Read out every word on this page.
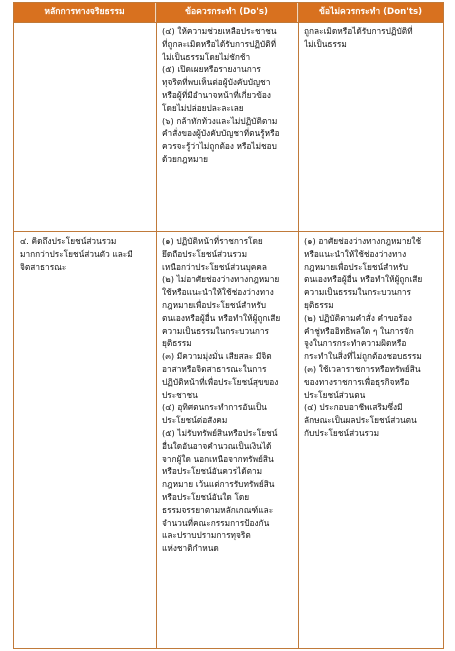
หลักการทางจริยธรรม	ข้อควรกระทำ (Do's)	ข้อไม่ควรกระทำ (Don'ts)
(๔) ให้ความช่วยเหลือประชาชน
ที่ถูกละเมิดหรือได้รับการปฏิบัติที่
ไม่เป็นธรรมโดยไม่ชักช้า
(๕) เปิดเผยหรือรายงานการ
ทุจริตที่พบเห็นต่อผู้บังคับบัญชา
หรือผู้ที่มีอำนาจหน้าที่เกี่ยวข้อง
โดยไม่ปล่อยปละละเลย
(๖) กล้าทักท้วงและไม่ปฏิบัติตาม
คำสั่งของผู้บังคับบัญชาที่ตนรู้หรือ
ควรจะรู้ว่าไม่ถูกต้อง หรือไม่ชอบ
ด้วยกฎหมาย
ถูกละเมิดหรือได้รับการปฏิบัติที่
ไม่เป็นธรรม
๔. คิดถึงประโยชน์ส่วนรวม
มากกว่าประโยชน์ส่วนตัว และมี
จิตสาธารณะ
(๑) ปฏิบัติหน้าที่ราชการโดย
ยึดถือประโยชน์ส่วนรวม
เหนือกว่าประโยชน์ส่วนบุคคล
(๒) ไม่อาศัยช่องว่างทางกฎหมาย
ใช้หรือแนะนำให้ใช้ช่องว่างทาง
กฎหมายเพื่อประโยชน์สำหรับ
ตนเองหรือผู้อื่น หรือทำให้ผู้ถูกเสีย
ความเป็นธรรมในกระบวนการ
ยุติธรรม
(๓) มีความมุ่งมั่น เสียสละ มีจิต
อาสาหรือจิตสาธารณะในการ
ปฏิบัติหน้าที่เพื่อประโยชน์สุขของ
ประชาชน
(๔) อุทิศตนกระทำการอันเป็น
ประโยชน์ต่อสังคม
(๕) ไม่รับทรัพย์สินหรือประโยชน์
อื่นใดอันอาจคำนวณเป็นเงินได้
จากผู้ใด นอกเหนือจากทรัพย์สิน
หรือประโยชน์อันควรได้ตาม
กฎหมาย เว้นแต่การรับทรัพย์สิน
หรือประโยชน์อันใด โดย
ธรรมจรรยาตามหลักเกณฑ์และ
จำนวนที่คณะกรรมการป้องกัน
และปราบปรามการทุจริต
แห่งชาติกำหนด
(๑) อาศัยช่องว่างทางกฎหมายใช้
หรือแนะนำให้ใช้ช่องว่างทาง
กฎหมายเพื่อประโยชน์สำหรับ
ตนเองหรือผู้อื่น หรือทำให้ผู้ถูกเสีย
ความเป็นธรรมในกระบวนการ
ยุติธรรม
(๒) ปฏิบัติตามคำสั่ง คำขอร้อง
คำชู่หรืออิทธิพลใด ๆ ในการจัก
จูงในการกระทำความผิดหรือ
กระทำในสิ่งที่ไม่ถูกต้องชอบธรรม
(๓) ใช้เวลาราชการหรือทรัพย์สิน
ของทางราชการเพื่อธุรกิจหรือ
ประโยชน์ส่วนตน
(๔) ประกอบอาชีพเสริมซึ่งมี
ลักษณะเป็นผลประโยชน์ส่วนตน
กับประโยชน์ส่วนรวม
